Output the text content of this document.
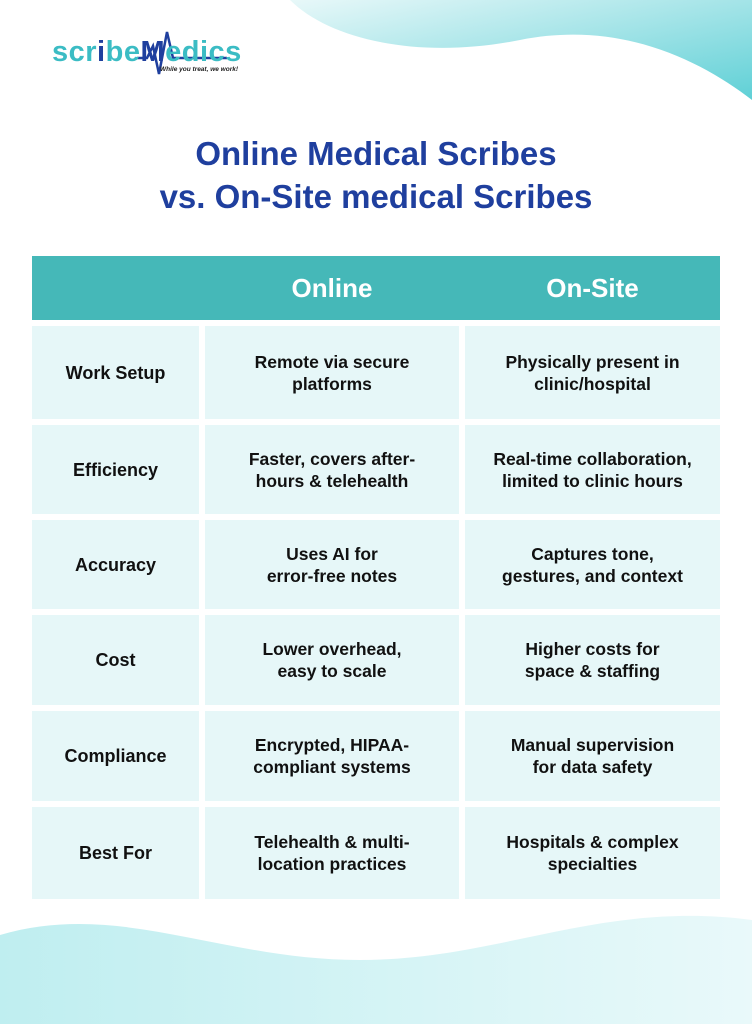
scribeMedics
While you treat, we work!
Online Medical Scribes
vs. On-Site medical Scribes
Online	On-Site
Work Setup
Remote via secure
platforms
Physically present in
clinic/hospital
Efficiency
Faster, covers after-
hours & telehealth
Real-time collaboration,
limited to clinic hours
Accuracy
Uses AI for
error-free notes
Captures tone,
gestures, and context
Cost
Lower overhead,
easy to scale
Higher costs for
space & staffing
Compliance
Encrypted, HIPAA-
compliant systems
Manual supervision
for data safety
Best For
Telehealth & multi-
location practices
Hospitals & complex
specialties
